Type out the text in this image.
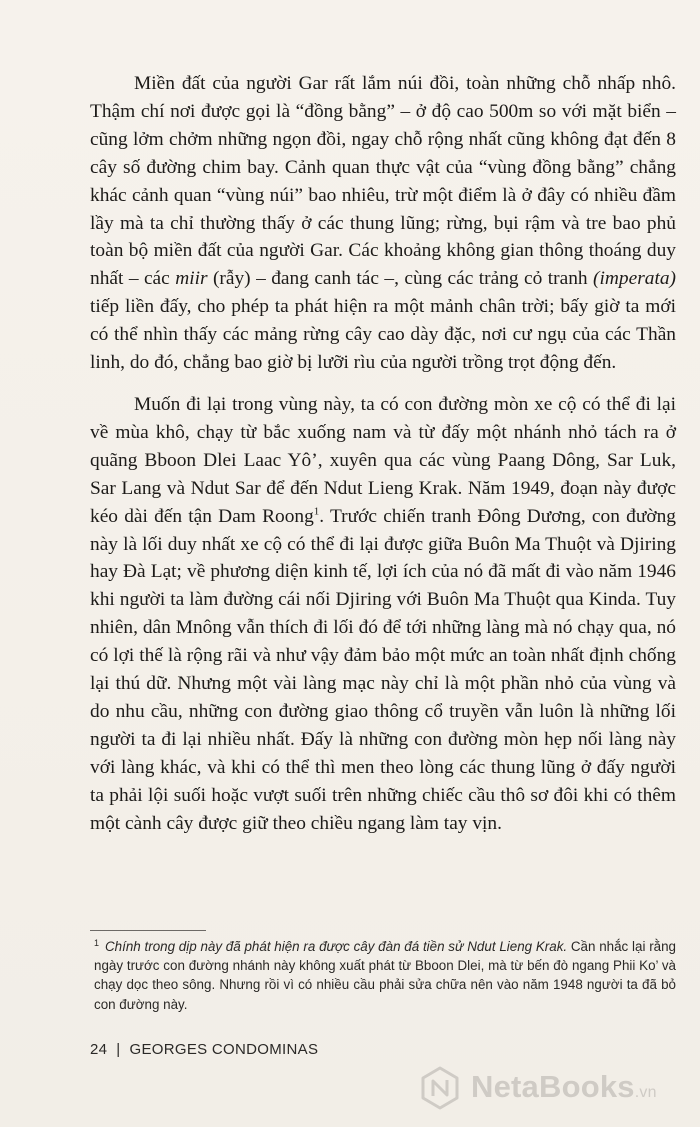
Miền đất của người Gar rất lắm núi đồi, toàn những chỗ nhấp nhô. Thậm chí nơi được gọi là “đồng bằng” – ở độ cao 500m so với mặt biển – cũng lởm chởm những ngọn đồi, ngay chỗ rộng nhất cũng không đạt đến 8 cây số đường chim bay. Cảnh quan thực vật của “vùng đồng bằng” chẳng khác cảnh quan “vùng núi” bao nhiêu, trừ một điểm là ở đây có nhiều đầm lầy mà ta chỉ thường thấy ở các thung lũng; rừng, bụi rậm và tre bao phủ toàn bộ miền đất của người Gar. Các khoảng không gian thông thoáng duy nhất – các miir (rẫy) – đang canh tác –, cùng các trảng cỏ tranh (imperata) tiếp liền đấy, cho phép ta phát hiện ra một mảnh chân trời; bấy giờ ta mới có thể nhìn thấy các mảng rừng cây cao dày đặc, nơi cư ngụ của các Thần linh, do đó, chẳng bao giờ bị lưỡi rìu của người trồng trọt động đến.

Muốn đi lại trong vùng này, ta có con đường mòn xe cộ có thể đi lại về mùa khô, chạy từ bắc xuống nam và từ đấy một nhánh nhỏ tách ra ở quãng Bboon Dlei Laac Yô’, xuyên qua các vùng Paang Dông, Sar Luk, Sar Lang và Ndut Sar để đến Ndut Lieng Krak. Năm 1949, đoạn này được kéo dài đến tận Dam Roong$^1$. Trước chiến tranh Đông Dương, con đường này là lối duy nhất xe cộ có thể đi lại được giữa Buôn Ma Thuột và Djiring hay Đà Lạt; về phương diện kinh tế, lợi ích của nó đã mất đi vào năm 1946 khi người ta làm đường cái nối Djiring với Buôn Ma Thuột qua Kinda. Tuy nhiên, dân Mnông vẫn thích đi lối đó để tới những làng mà nó chạy qua, nó có lợi thế là rộng rãi và như vậy đảm bảo một mức an toàn nhất định chống lại thú dữ. Nhưng một vài làng mạc này chỉ là một phần nhỏ của vùng và do nhu cầu, những con đường giao thông cổ truyền vẫn luôn là những lối người ta đi lại nhiều nhất. Đấy là những con đường mòn hẹp nối làng này với làng khác, và khi có thể thì men theo lòng các thung lũng ở đấy người ta phải lội suối hoặc vượt suối trên những chiếc cầu thô sơ đôi khi có thêm một cành cây được giữ theo chiều ngang làm tay vịn.

$^1$ Chính trong dịp này đã phát hiện ra được cây đàn đá tiền sử Ndut Lieng Krak. Cần nhắc lại rằng ngày trước con đường nhánh này không xuất phát từ Bboon Dlei, mà từ bến đò ngang Phii Ko’ và chạy dọc theo sông. Nhưng rồi vì có nhiều cầu phải sửa chữa nên vào năm 1948 người ta đã bỏ con đường này.
24 | GEORGES CONDOMINAS
NetaBooks.vn
